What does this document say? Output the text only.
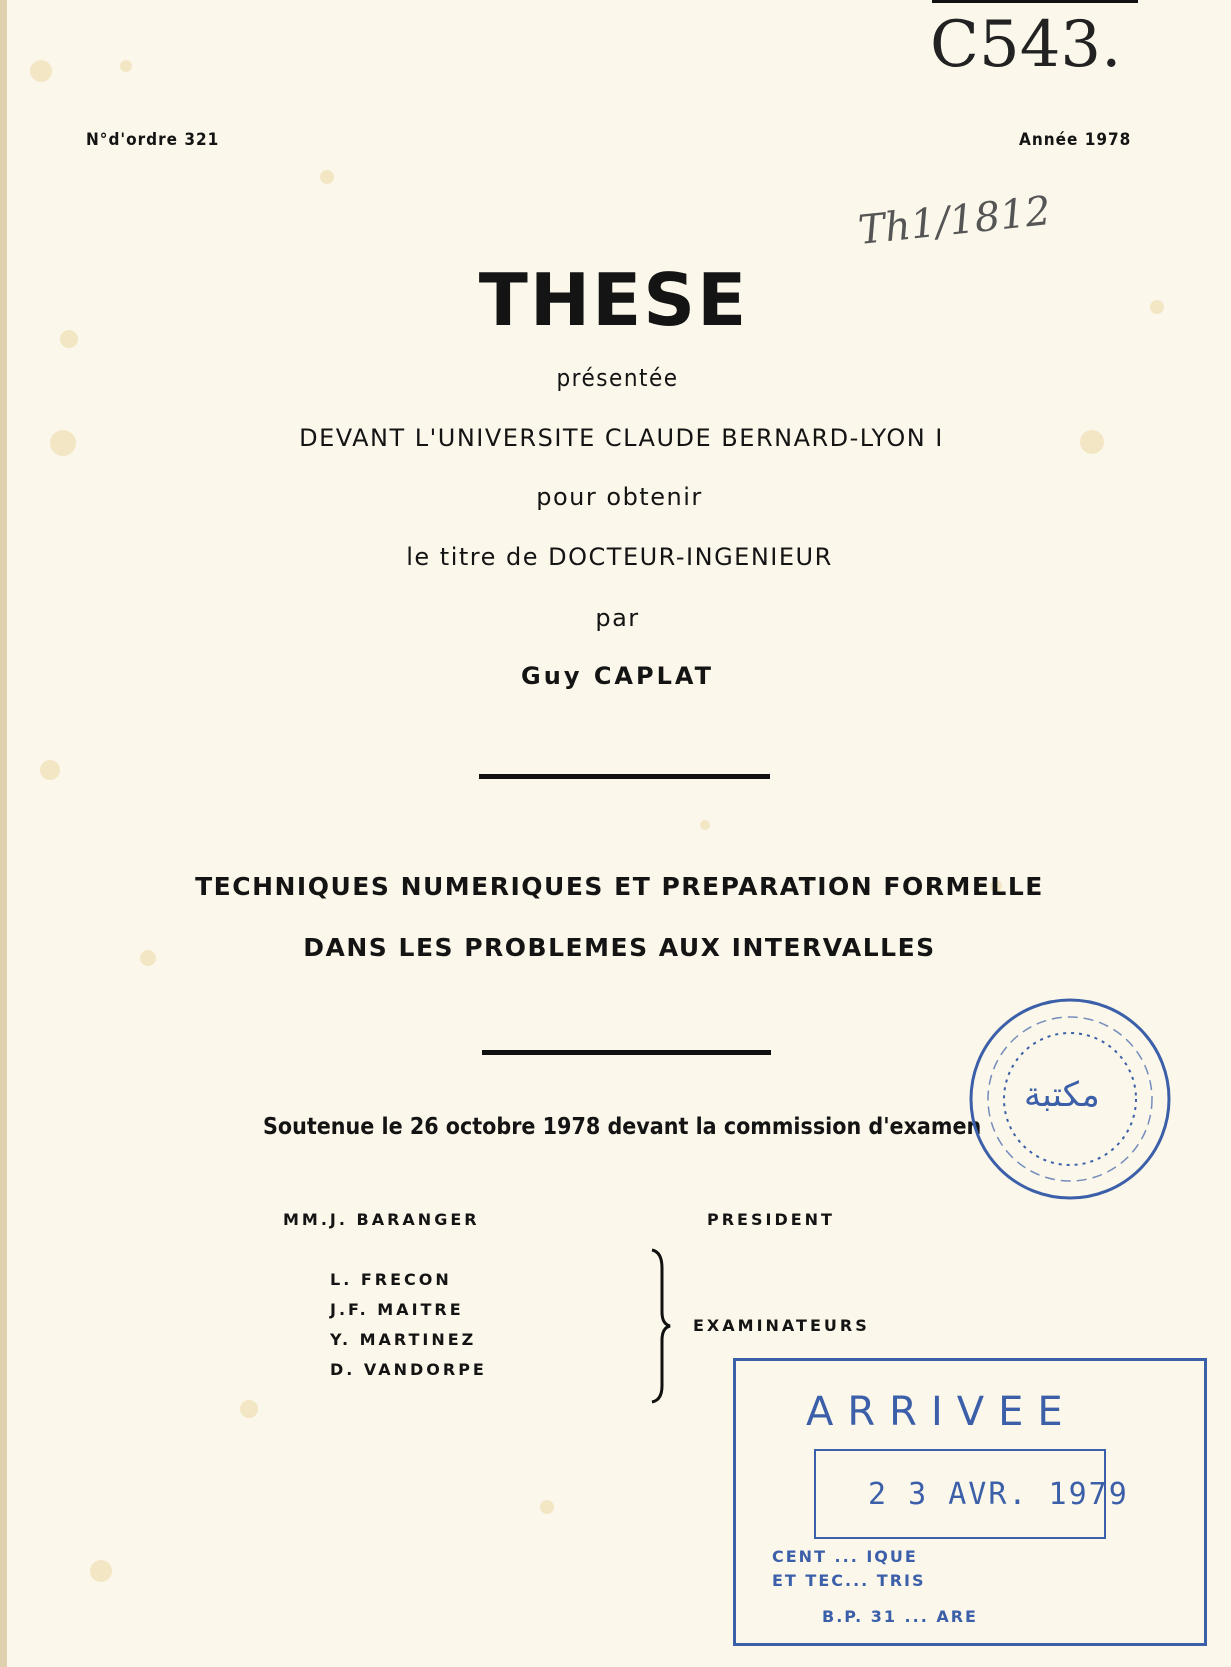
C543.
Th1/1812
N°d'ordre 321	Année 1978
THESE
présentée
DEVANT L'UNIVERSITE CLAUDE BERNARD-LYON I
pour obtenir
le titre de DOCTEUR-INGENIEUR
par
Guy CAPLAT
TECHNIQUES NUMERIQUES ET PREPARATION FORMELLE
DANS LES PROBLEMES AUX INTERVALLES
Soutenue le 26 octobre 1978 devant la commission d'examen
MM.J. BARANGER	PRESIDENT
L. FRECON
J.F. MAITRE
Y. MARTINEZ
D. VANDORPE
EXAMINATEURS
مكتبة
ARRIVEE
2 3 AVR. 1979
CENT ... IQUE
ET TEC... TRIS
B.P. 31 ... ARE
